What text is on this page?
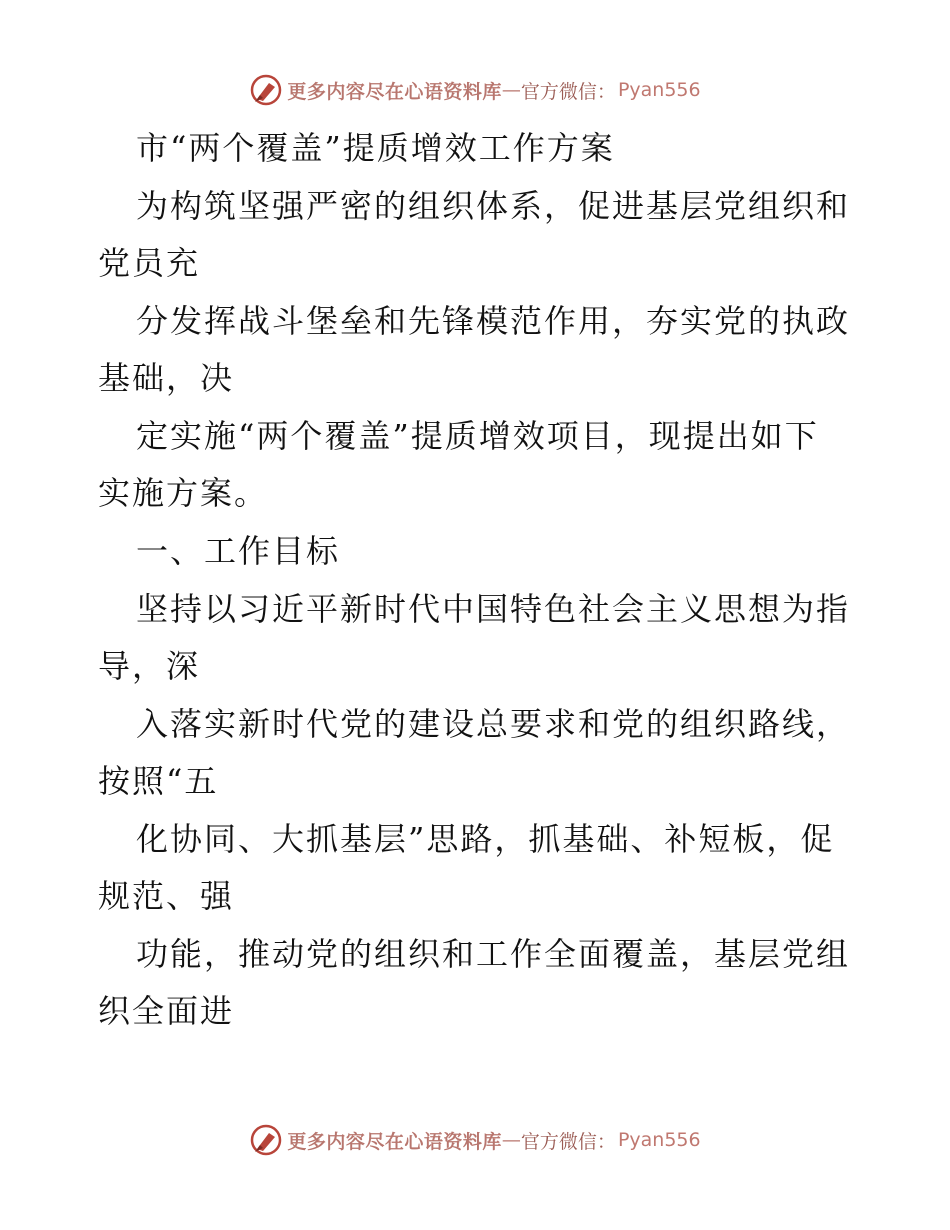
更多内容尽在心语资料库 — 官方微信： Pyan556
市“两个覆盖”提质增效工作方案
为构筑坚强严密的组织体系，促进基层党组织和
党员充
分发挥战斗堡垒和先锋模范作用，夯实党的执政
基础，决
定实施“两个覆盖”提质增效项目，现提出如下
实施方案。
一、工作目标
坚持以习近平新时代中国特色社会主义思想为指
导，深
入落实新时代党的建设总要求和党的组织路线，
按照“五
化协同、大抓基层”思路，抓基础、补短板，促
规范、强
功能，推动党的组织和工作全面覆盖，基层党组
织全面进
更多内容尽在心语资料库 — 官方微信： Pyan556
